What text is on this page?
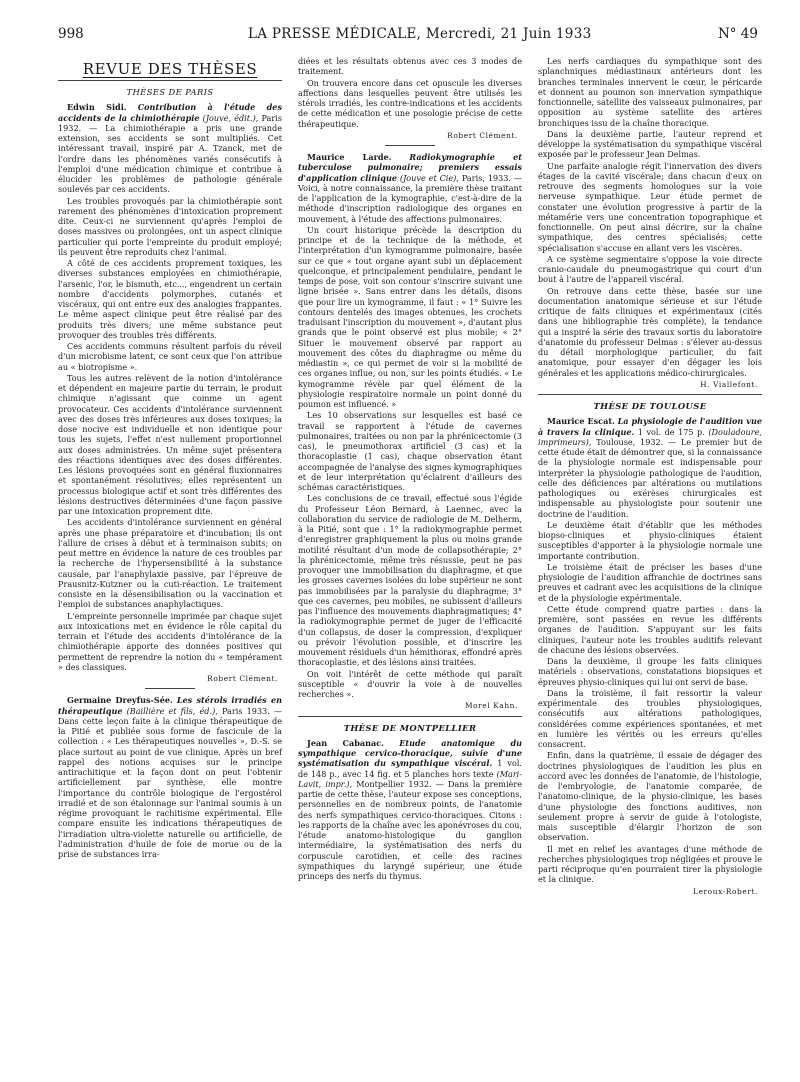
998	LA PRESSE MÉDICALE, Mercredi, 21 Juin 1933	N° 49
REVUE DES THÈSES
THÈSES DE PARIS

Edwin Sidi. Contribution à l'étude des accidents de la chimiothérapie (Jouve, édit.), Paris 1932. — La chimiothérapie a pris une grande extension, ses accidents se sont multipliés. Cet intéressant travail, inspiré par A. Tzanck, met de l'ordre dans les phénomènes variés consécutifs à l'emploi d'une médication chimique et contribue à élucider les problèmes de pathologie générale soulevés par ces accidents.

Les troubles provoqués par la chimiothérapie sont rarement des phénomènes d'intoxication proprement dite. Ceux-ci ne surviennent qu'après l'emploi de doses massives ou prolongées, ont un aspect clinique particulier qui porte l'empreinte du produit employé; ils peuvent être reproduits chez l'animal.

A côté de ces accidents proprement toxiques, les diverses substances employées en chimiothérapie, l'arsenic, l'or, le bismuth, etc..., engendrent un certain nombre d'accidents polymorphes, cutanés et viscéraux, qui ont entre eux des analogies frappantes. Le même aspect clinique peut être réalisé par des produits très divers; une même substance peut provoquer des troubles très différents.

Ces accidents communs résultent parfois du réveil d'un microbisme latent, ce sont ceux que l'on attribue au « biotropisme ».

Tous les autres relèvent de la notion d'intolérance et dépendent en majeure partie du terrain, le produit chimique n'agissant que comme un agent provocateur. Ces accidents d'intolérance surviennent avec des doses très inférieures aux doses toxiques; la dose nocive est individuelle et non identique pour tous les sujets, l'effet n'est nullement proportionnel aux doses administrées. Un même sujet présentera des réactions identiques avec des doses différentes. Les lésions provoquées sont en général fluxionnaires et spontanément résolutives; elles représentent un processus biologique actif et sont très différentes des lésions destructives déterminées d'une façon passive par une intoxication proprement dite.

Les accidents d'intolérance surviennent en général après une phase préparatoire et d'incubation; ils ont l'allure de crises à début et à terminaison subits; on peut mettre en évidence la nature de ces troubles par la recherche de l'hypersensibilité à la substance causale, par l'anaphylaxie passive, par l'épreuve de Prausnitz-Kutzner ou la cuti-réaction. Le traitement consiste en la désensibilisation ou la vaccination et l'emploi de substances anaphylactiques.

L'empreinte personnelle imprimée par chaque sujet aux intoxications met en évidence le rôle capital du terrain et l'étude des accidents d'intolérance de la chimiothérapie apporte des données positives qui permettent de reprendre la notion du « tempérament » des classiques.

Robert Clément.

Germaine Dreyfus-Sée. Les stérols irradiés en thérapeutique (Baillière et fils, éd.), Paris 1933. — Dans cette leçon faite à la clinique thérapeutique de la Pitié et publiée sous forme de fascicule de la collection : « Les thérapeutiques nouvelles », D.-S. se place surtout au point de vue clinique. Après un bref rappel des notions acquises sur le principe antirachitique et la façon dont on peut l'obtenir artificiellement par synthèse, elle montre l'importance du contrôle biologique de l'ergostérol irradié et de son étalonnage sur l'animal soumis à un régime provoquant le rachitisme expérimental. Elle compare ensuite les indications thérapeutiques de l'irradiation ultra-violette naturelle ou artificielle, de l'administration d'huile de foie de morue ou de la prise de substances irra-

diées et les résultats obtenus avec ces 3 modes de traitement.

On trouvera encore dans cet opuscule les diverses affections dans lesquelles peuvent être utilisés les stérols irradiés, les contre-indications et les accidents de cette médication et une posologie précise de cette thérapeutique.

Robert Clément.

Maurice Larde. Radiokymographie et tuberculose pulmonaire; premiers essais d'application clinique (Jouve et Cie), Paris, 1933. — Voici, à notre connaissance, la première thèse traitant de l'application de la kymographie, c'est-à-dire de la méthode d'inscription radiologique des organes en mouvement, à l'étude des affections pulmonaires.

Un court historique précède la description du principe et de la technique de la méthode, et l'interprétation d'un kymogramme pulmonaire, basée sur ce que « tout organe ayant subi un déplacement quelconque, et principalement pendulaire, pendant le temps de pose, voit son contour s'inscrire suivant une ligne brisée ». Sans entrer dans les détails, disons que pour lire un kymogramme, il faut : « 1° Suivre les contours dentelés des images obtenues, les crochets traduisant l'inscription du mouvement », d'autant plus grands que le point observé est plus mobile; « 2° Situer le mouvement observé par rapport au mouvement des côtes du diaphragme ou même du médiastin », ce qui permet de voir si la mobilité de ces organes influe, ou non, sur les points étudiés. « Le kymogramme révèle par quel élément de la physiologie respiratoire normale un point donné du poumon est influencé. »

Les 10 observations sur lesquelles est basé ce travail se rapportent à l'étude de cavernes pulmonaires, traitées ou non par la phrénicectomie (3 cas), le pneumothorax artificiel (3 cas) et la thoracoplastie (1 cas), chaque observation étant accompagnée de l'analyse des signes kymographiques et de leur interprétation qu'éclairent d'ailleurs des schémas caractéristiques.

Les conclusions de ce travail, effectué sous l'égide du Professeur Léon Bernard, à Laennec, avec la collaboration du service de radiologie de M. Delherm, à la Pitié, sont que : 1° la radiokymographie permet d'enregistrer graphiquement la plus ou moins grande motilité résultant d'un mode de collapsothérapie; 2° la phrénicectomie, même très résussie, peut ne pas provoquer une immobilisation du diaphragme, et que les grosses cavernes isolées du lobe supérieur ne sont pas immobilisées par la paralysie du diaphragme; 3° que ces cavernes, peu mobiles, ne subissent d'ailleurs pas l'influence des mouvements diaphragmatiques; 4° la radiokymographie permet de juger de l'efficacité d'un collapsus, de doser la compression, d'expliquer ou prévoir l'évolution possible, et d'inscrire les mouvement résiduels d'un hémithorax, effondré après thoracoplastie, et des lésions ainsi traitées.

On voit l'intérêt de cette méthode qui paraît susceptible « d'ouvrir la voie à de nouvelles recherches ».

Morel Kahn.
THÈSE DE MONTPELLIER

Jean Cabanac. Etude anatomique du sympathique cervico-thoracique, suivie d'une systématisation du sympathique viscéral. 1 vol. de 148 p., avec 14 fig. et 5 planches hors texte (Mari-Lavit, impr.), Montpellier 1932. — Dans la première partie de cette thèse, l'auteur expose ses conceptions, personnelles en de nombreux points, de l'anatomie des nerfs sympathiques cervico-thoraciques. Citons : les rapports de la chaîne avec les aponévroses du cou, l'étude anatomo-histologique du ganglion intermédiaire, la systématisation des nerfs du corpuscule carotidien, et celle des racines sympathiques du laryngé supérieur, une étude princeps des nerfs du thymus.

Les nerfs cardiaques du sympathique sont des splanchniques médiastinaux antérieurs dont les branches terminales innervent le cœur, le péricarde et donnent au poumon son innervation sympathique fonctionnelle, satellite des vaisseaux pulmonaires, par opposition au système satellite des artères bronchiques issu de la chaîne thoracique.

Dans la deuxième partie, l'auteur reprend et développe la systématisation du sympathique viscéral exposée par le professeur Jean Delmas.

Une parfaite analogie régit l'innervation des divers étages de la cavité viscérale; dans chacun d'eux on retrouve des segments homologues sur la voie nerveuse sympathique. Leur étude permet de constater une évolution progressive à partir de la métamérie vers une concentration topographique et fonctionnelle. On peut ainsi décrire, sur la chaîne sympathique, des centres spécialisés; cette spécialisation s'accuse en allant vers les viscères.

A ce système segmentaire s'oppose la voie directe cranio-caudale du pneumogastrique qui court d'un bout à l'autre de l'appareil viscéral.

On retrouve dans cette thèse, basée sur une documentation anatomique sérieuse et sur l'étude critique de faits cliniques et expérimentaux (cités dans une bibliographie très complète), la tendance qui a inspiré la série des travaux sortis du laboratoire d'anatomie du professeur Delmas : s'élever au-dessus du détail morphologique particulier, du fait anatomique, pour essayer d'en dégager les lois générales et les applications médico-chirurgicales.

H. Viallefont.
THÈSE DE TOULOUSE

Maurice Escat. La physiologie de l'audition vue à travers la clinique. 1 vol. de 175 p. (Douladoure, imprimeurs), Toulouse, 1932. — Le premier but de cette étude était de démontrer que, si la connaissance de la physiologie normale est indispensable pour interpréter la physiologie pathologique de l'audition, celle des déficiences par altérations ou mutilations pathologiques ou exérèses chirurgicales est indispensable au physiologiste pour soutenir une doctrine de l'audition.

Le deuxième était d'établir que les méthodes biopso-cliniques et physio-cliniques étaient susceptibles d'apporter à la physiologie normale une importante contribution.

Le troisième était de préciser les bases d'une physiologie de l'audition affranchie de doctrines sans preuves et cadrant avec les acquisitions de la clinique et de la physiologie expérimentale.

Cette étude comprend quatre parties : dans la première, sont passées en revue les différents organes de l'audition. S'appuyant sur les faits cliniques, l'auteur note les troubles auditifs relevant de chacune des lésions observées.

Dans la deuxième, il groupe les faits cliniques matériels : observations, constatations biopsiques et épreuves physio-cliniques qui lui ont servi de base.

Dans la troisième, il fait ressortir la valeur expérimentale des troubles physiologiques, consécutifs aux altérations pathologiques, considérées comme expériences spontanées, et met en lumière les vérités ou les erreurs qu'elles consacrent.

Enfin, dans la quatrième, il essaie de dégager des doctrines physiologiques de l'audition les plus en accord avec les données de l'anatomie, de l'histologie, de l'embryologie, de l'anatomie comparée, de l'anatomo-clinique, de la physio-clinique, les bases d'une physiologie des fonctions auditives, non seulement propre à servir de guide à l'otologiste, mais susceptible d'élargir l'horizon de son observation.

Il met en relief les avantages d'une méthode de recherches physiologiques trop négligées et prouve le parti réciproque qu'en pourraient tirer la physiologie et la clinique.

Leroux-Robert.
